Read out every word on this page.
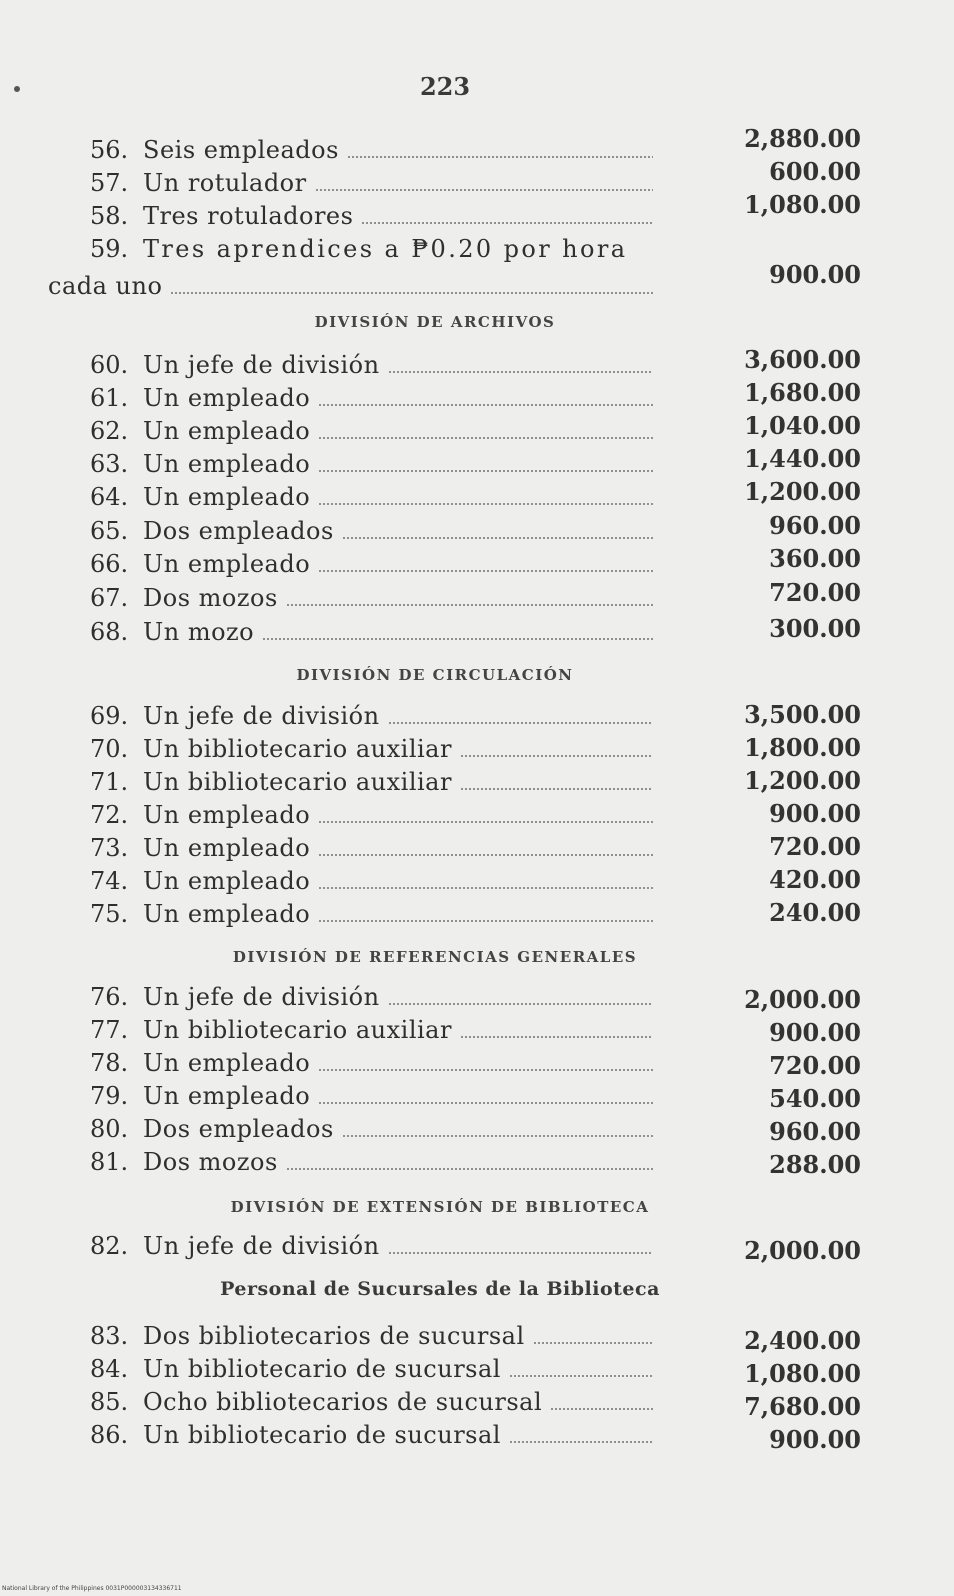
223
56. Seis empleados	2,880.00
57. Un rotulador	600.00
58. Tres rotuladores	1,080.00
59. Tres aprendices a ₱0.20 por hora
cada uno	900.00
DIVISIÓN DE ARCHIVOS
60. Un jefe de división	3,600.00
61. Un empleado	1,680.00
62. Un empleado	1,040.00
63. Un empleado	1,440.00
64. Un empleado	1,200.00
65. Dos empleados	960.00
66. Un empleado	360.00
67. Dos mozos	720.00
68. Un mozo	300.00
DIVISIÓN DE CIRCULACIÓN
69. Un jefe de división	3,500.00
70. Un bibliotecario auxiliar	1,800.00
71. Un bibliotecario auxiliar	1,200.00
72. Un empleado	900.00
73. Un empleado	720.00
74. Un empleado	420.00
75. Un empleado	240.00
DIVISIÓN DE REFERENCIAS GENERALES
76. Un jefe de división	2,000.00
77. Un bibliotecario auxiliar	900.00
78. Un empleado	720.00
79. Un empleado	540.00
80. Dos empleados	960.00
81. Dos mozos	288.00
DIVISIÓN DE EXTENSIÓN DE BIBLIOTECA
82. Un jefe de división	2,000.00
Personal de Sucursales de la Biblioteca
83. Dos bibliotecarios de sucursal	2,400.00
84. Un bibliotecario de sucursal	1,080.00
85. Ocho bibliotecarios de sucursal	7,680.00
86. Un bibliotecario de sucursal	900.00
National Library of the Philippines 0031P000003134336711
